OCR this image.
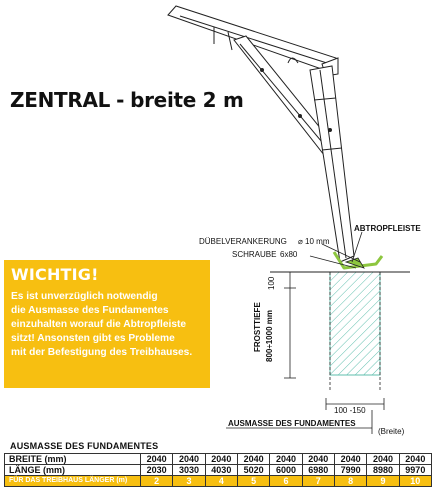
ZENTRAL - breite 2 m
ABTROPFLEISTE
DÜBELVERANKERUNG ⌀ 10 mm
SCHRAUBE 6x80
100
FROSTTIEFE 800÷1000 mm
100 -150
AUSMASSE DES FUNDAMENTES
(Breite)
WICHTIG!

Es ist unverzüglich notwendig
die Ausmasse des Fundamentes
einzuhalten worauf die Abtropfleiste
sitzt! Ansonsten gibt es Probleme
mit der Befestigung des Treibhauses.

AUSMASSE DES FUNDAMENTES
BREITE (mm)	2040	2040	2040	2040	2040	2040	2040	2040	2040
LÄNGE (mm)	2030	3030	4030	5020	6000	6980	7990	8980	9970
FÜR DAS TREIBHAUS LÄNGER (m)	2	3	4	5	6	7	8	9	10
